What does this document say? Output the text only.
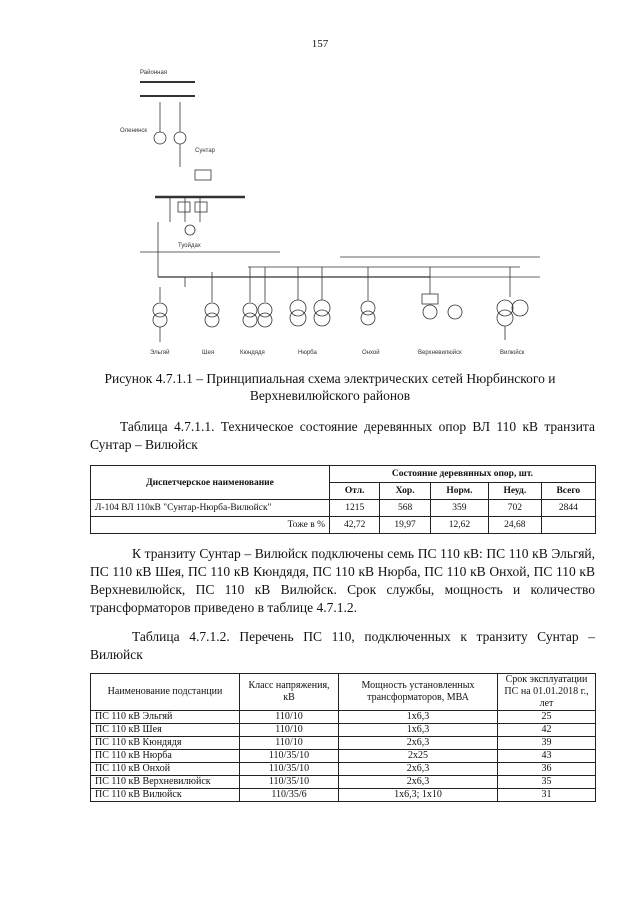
157
Районная
Оленинск
Сунтар
Туойдах
Эльгяй	Шея	Кюндядя	Нюрба	Онхой	Верхневилюйск	Вилюйск
Рисунок 4.7.1.1 – Принципиальная схема электрических сетей Нюрбинского и Верхневилюйского районов
Таблица 4.7.1.1. Техническое состояние деревянных опор ВЛ 110 кВ транзита Сунтар – Вилюйск
Диспетчерское наименование	Состояние деревянных опор, шт.				
	Отл.	Хор.	Норм.	Неуд.	Всего
Л-104 ВЛ 110кВ "Сунтар-Нюрба-Вилюйск"	1215	568	359	702	2844
Тоже в %	42,72	19,97	12,62	24,68	
К транзиту Сунтар – Вилюйск подключены семь ПС 110 кВ: ПС 110 кВ Эльгяй, ПС 110 кВ Шея, ПС 110 кВ Кюндядя, ПС 110 кВ Нюрба, ПС 110 кВ Онхой, ПС 110 кВ Верхневилюйск, ПС 110 кВ Вилюйск. Срок службы, мощность и количество трансформаторов приведено в таблице 4.7.1.2.
Таблица 4.7.1.2. Перечень ПС 110, подключенных к транзиту Сунтар – Вилюйск
Наименование подстанции	Класс напряжения, кВ	Мощность установленных трансформаторов, МВА	Срок эксплуатации ПС на 01.01.2018 г., лет
ПС 110 кВ Эльгяй	110/10	1х6,3	25
ПС 110 кВ Шея	110/10	1х6,3	42
ПС 110 кВ Кюндядя	110/10	2х6,3	39
ПС 110 кВ Нюрба	110/35/10	2х25	43
ПС 110 кВ Онхой	110/35/10	2х6,3	36
ПС 110 кВ Верхневилюйск	110/35/10	2х6,3	35
ПС 110 кВ Вилюйск	110/35/6	1х6,3; 1х10	31
